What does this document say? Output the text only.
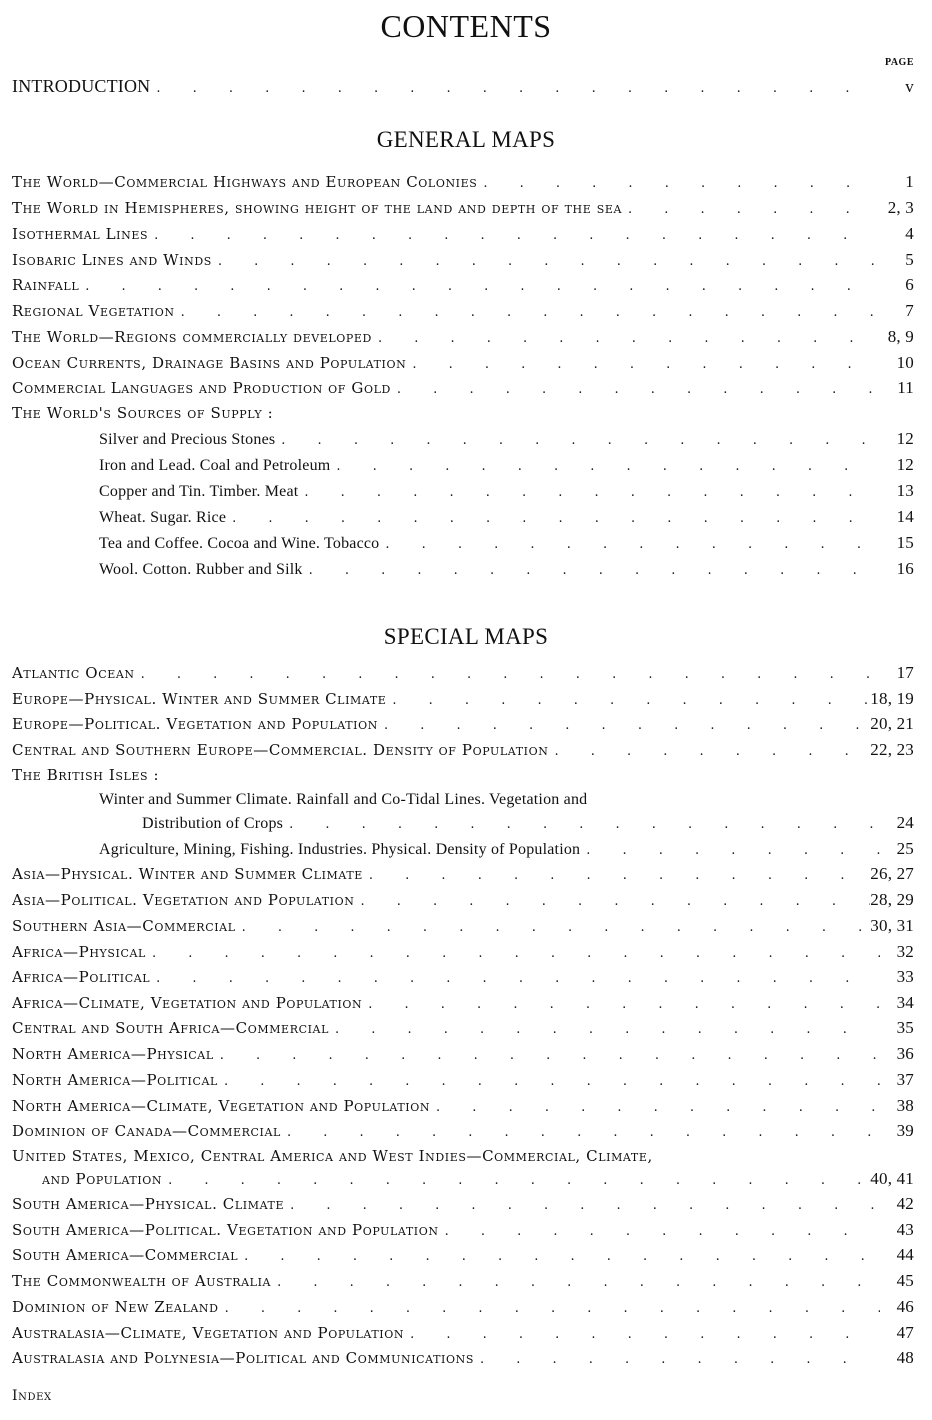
CONTENTS
PAGE
INTRODUCTION . . .	v
GENERAL MAPS
The World—Commercial Highways and European Colonies . . .	1
The World in Hemispheres, showing height of the land and depth of the sea . . .	2, 3
Isothermal Lines . . .	4
Isobaric Lines and Winds . . .	5
Rainfall . . .	6
Regional Vegetation . . .	7
The World—Regions commercially developed . . .	8, 9
Ocean Currents, Drainage Basins and Population . . .	10
Commercial Languages and Production of Gold . . .	11
The World's Sources of Supply :
Silver and Precious Stones . . .	12
Iron and Lead. Coal and Petroleum . . .	12
Copper and Tin. Timber. Meat . . .	13
Wheat. Sugar. Rice . . .	14
Tea and Coffee. Cocoa and Wine. Tobacco . . .	15
Wool. Cotton. Rubber and Silk . . .	16
SPECIAL MAPS
Atlantic Ocean . . .	17
Europe—Physical. Winter and Summer Climate . . .	18, 19
Europe—Political. Vegetation and Population . . .	20, 21
Central and Southern Europe—Commercial. Density of Population . . .	22, 23
The British Isles :
Winter and Summer Climate. Rainfall and Co-Tidal Lines. Vegetation and
Distribution of Crops . . .	24
Agriculture, Mining, Fishing. Industries. Physical. Density of Population . . .	25
Asia—Physical. Winter and Summer Climate . . .	26, 27
Asia—Political. Vegetation and Population . . .	28, 29
Southern Asia—Commercial . . .	30, 31
Africa—Physical . . .	32
Africa—Political . . .	33
Africa—Climate, Vegetation and Population . . .	34
Central and South Africa—Commercial . . .	35
North America—Physical . . .	36
North America—Political . . .	37
North America—Climate, Vegetation and Population . . .	38
Dominion of Canada—Commercial . . .	39
United States, Mexico, Central America and West Indies—Commercial, Climate,
and Population . . .	40, 41
South America—Physical. Climate . . .	42
South America—Political. Vegetation and Population . . .	43
South America—Commercial . . .	44
The Commonwealth of Australia . . .	45
Dominion of New Zealand . . .	46
Australasia—Climate, Vegetation and Population . . .	47
Australasia and Polynesia—Political and Communications . . .	48
Index
